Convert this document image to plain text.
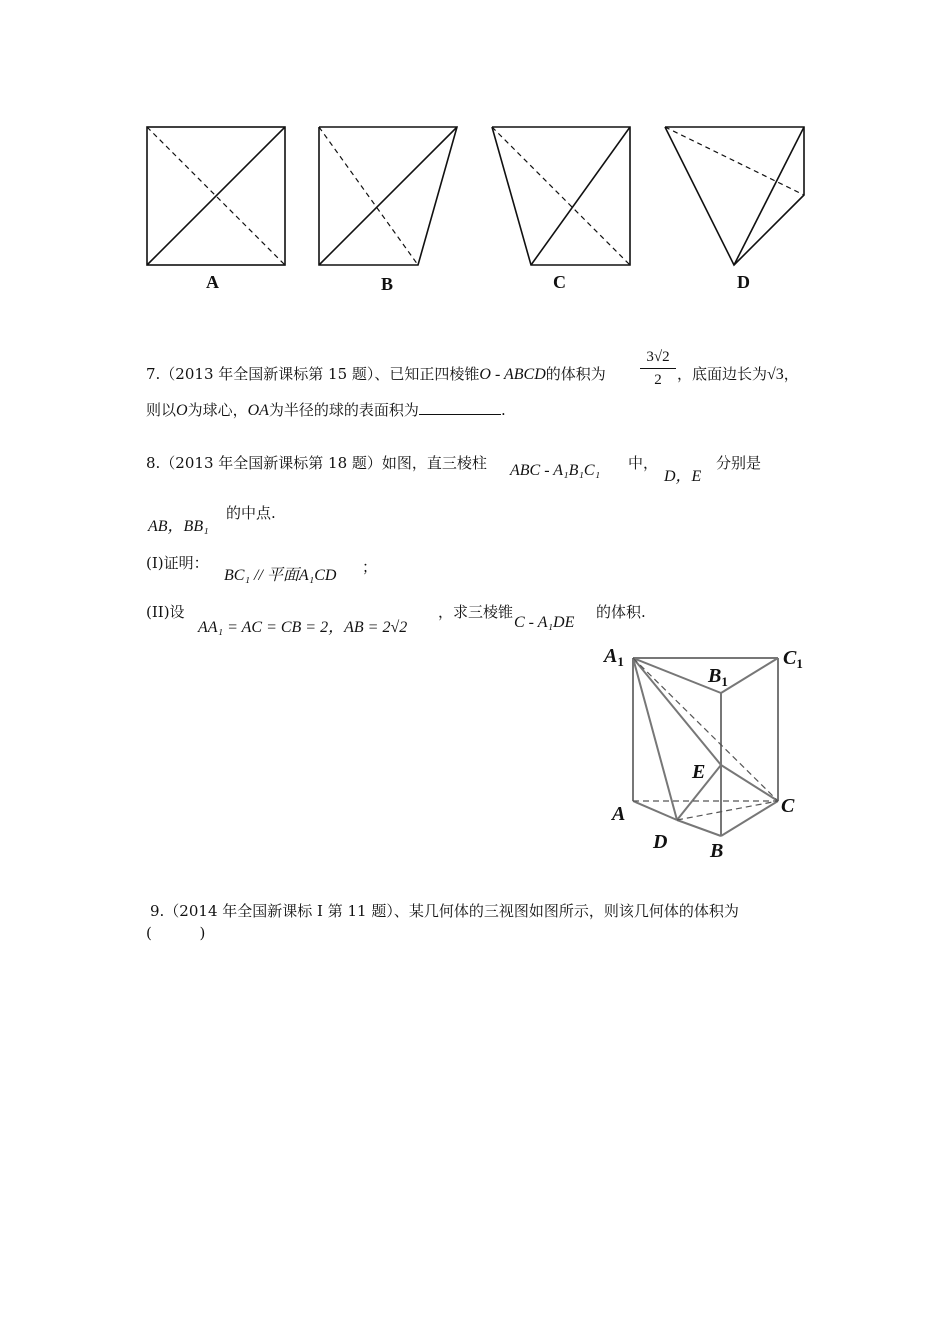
A	B	C	D
7.（2013 年全国新课标第 15 题）、已知正四棱锥O - ABCD的体积为
3√2
2	，底面边长为√3，
则以O为球心，OA为半径的球的表面积为	.
8.（2013 年全国新课标第 18 题）如图，直三棱柱 ABC - A₁B₁C₁ 中，
D，E
分别是
AB，BB₁
的中点.
(I)证明：
BC₁ // 平面A₁CD ；
(II)设
AA₁ = AC = CB = 2，AB = 2√2
，求三棱锥
C - A₁DE
的体积.
$A_1$
$B_1$
$C_1$
E
A	C
D B
9.（2014 年全国新课标 I 第 11 题）、某几何体的三视图如图所示，则该几何体的体积为
(          )
